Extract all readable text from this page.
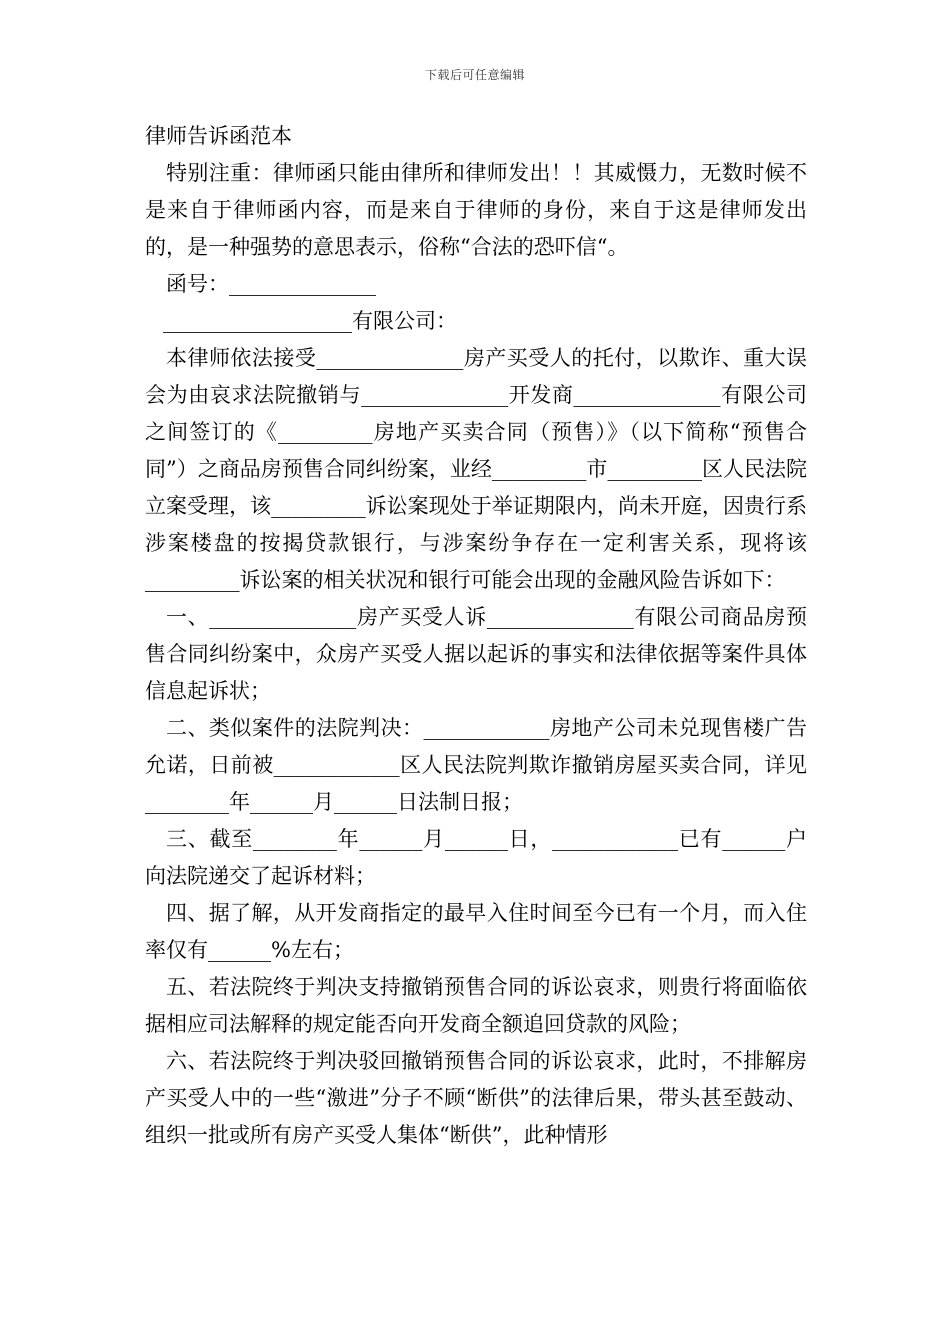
下载后可任意编辑
律师告诉函范本

特别注重：律师函只能由律所和律师发出！！其威慑力，无数时候不是来自于律师函内容，而是来自于律师的身份，来自于这是律师发出的，是一种强势的意思表示，俗称“合法的恐吓信“。

函号：______________

__________________有限公司：

本律师依法接受______________房产买受人的托付，以欺诈、重大误会为由哀求法院撤销与______________开发商______________有限公司之间签订的《_________房地产买卖合同（预售）》（以下简称“预售合同”）之商品房预售合同纠纷案，业经_________市_________区人民法院立案受理，该_________诉讼案现处于举证期限内，尚未开庭，因贵行系涉案楼盘的按揭贷款银行，与涉案纷争存在一定利害关系，现将该_________诉讼案的相关状况和银行可能会出现的金融风险告诉如下：

一、______________房产买受人诉______________有限公司商品房预售合同纠纷案中，众房产买受人据以起诉的事实和法律依据等案件具体信息起诉状；

二、类似案件的法院判决：____________房地产公司未兑现售楼广告允诺，日前被____________区人民法院判欺诈撤销房屋买卖合同，详见________年______月______日法制日报；

三、截至________年______月______日，____________已有______户向法院递交了起诉材料；

四、据了解，从开发商指定的最早入住时间至今已有一个月，而入住率仅有______%左右；

五、若法院终于判决支持撤销预售合同的诉讼哀求，则贵行将面临依据相应司法解释的规定能否向开发商全额追回贷款的风险；

六、若法院终于判决驳回撤销预售合同的诉讼哀求，此时，不排解房产买受人中的一些“激进”分子不顾“断供”的法律后果，带头甚至鼓动、组织一批或所有房产买受人集体“断供”，此种情形
